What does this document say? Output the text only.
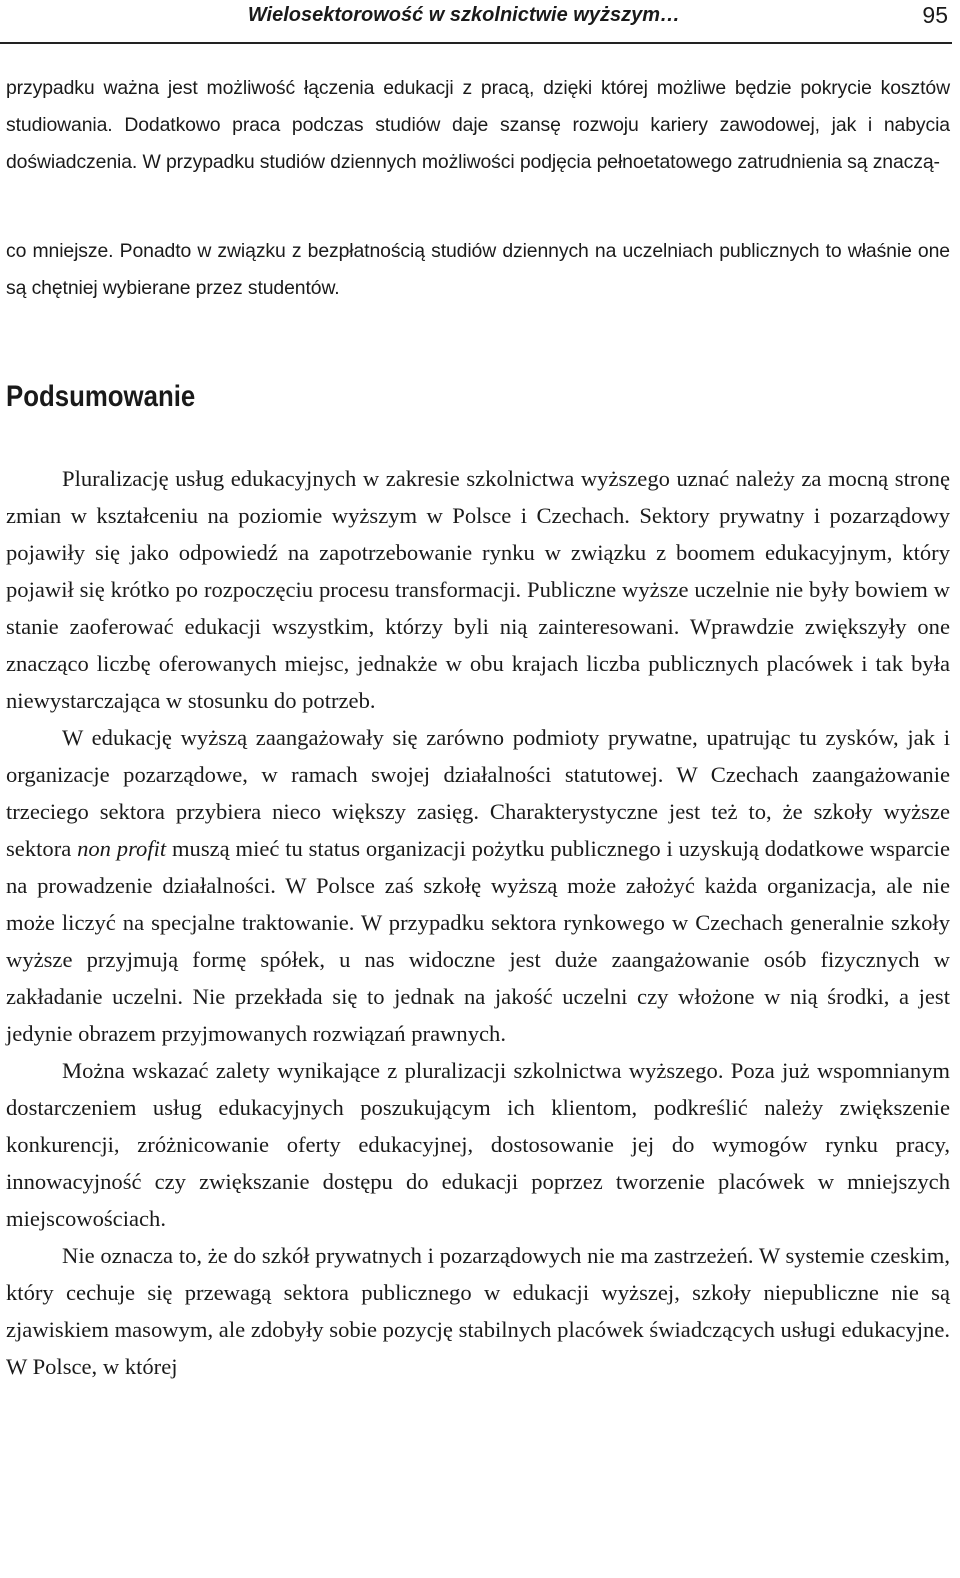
Wielosektorowość w szkolnictwie wyższym…	95

przypadku ważna jest możliwość łączenia edukacji z pracą, dzięki której możliwe będzie pokrycie kosztów studiowania. Dodatkowo praca podczas studiów daje szansę rozwoju kariery zawodowej, jak i nabycia doświadczenia. W przypadku studiów dziennych możliwości podjęcia pełnoetatowego zatrudnienia są znaczą-

co mniejsze. Ponadto w związku z bezpłatnością studiów dziennych na uczelniach publicznych to właśnie one są chętniej wybierane przez studentów.

Podsumowanie

Pluralizację usług edukacyjnych w zakresie szkolnictwa wyższego uznać należy za mocną stronę zmian w kształceniu na poziomie wyższym w Polsce i Czechach. Sektory prywatny i pozarządowy pojawiły się jako odpowiedź na zapotrzebowanie rynku w związku z boomem edukacyjnym, który pojawił się krótko po rozpoczęciu procesu transformacji. Publiczne wyższe uczelnie nie były bowiem w stanie zaoferować edukacji wszystkim, którzy byli nią zainteresowani. Wprawdzie zwiększyły one znacząco liczbę oferowanych miejsc, jednakże w obu krajach liczba publicznych placówek i tak była niewystarczająca w stosunku do potrzeb.

W edukację wyższą zaangażowały się zarówno podmioty prywatne, upatrując tu zysków, jak i organizacje pozarządowe, w ramach swojej działalności statutowej. W Czechach zaangażowanie trzeciego sektora przybiera nieco większy zasięg. Charakterystyczne jest też to, że szkoły wyższe sektora non profit muszą mieć tu status organizacji pożytku publicznego i uzyskują dodatkowe wsparcie na prowadzenie działalności. W Polsce zaś szkołę wyższą może założyć każda organizacja, ale nie może liczyć na specjalne traktowanie. W przypadku sektora rynkowego w Czechach generalnie szkoły wyższe przyjmują formę spółek, u nas widoczne jest duże zaangażowanie osób fizycznych w zakładanie uczelni. Nie przekłada się to jednak na jakość uczelni czy włożone w nią środki, a jest jedynie obrazem przyjmowanych rozwiązań prawnych.

Można wskazać zalety wynikające z pluralizacji szkolnictwa wyższego. Poza już wspomnianym dostarczeniem usług edukacyjnych poszukującym ich klientom, podkreślić należy zwiększenie konkurencji, zróżnicowanie oferty edukacyjnej, dostosowanie jej do wymogów rynku pracy, innowacyjność czy zwiększanie dostępu do edukacji poprzez tworzenie placówek w mniejszych miejscowościach.

Nie oznacza to, że do szkół prywatnych i pozarządowych nie ma zastrzeżeń. W systemie czeskim, który cechuje się przewagą sektora publicznego w edukacji wyższej, szkoły niepubliczne nie są zjawiskiem masowym, ale zdobyły sobie pozycję stabilnych placówek świadczących usługi edukacyjne. W Polsce, w której
